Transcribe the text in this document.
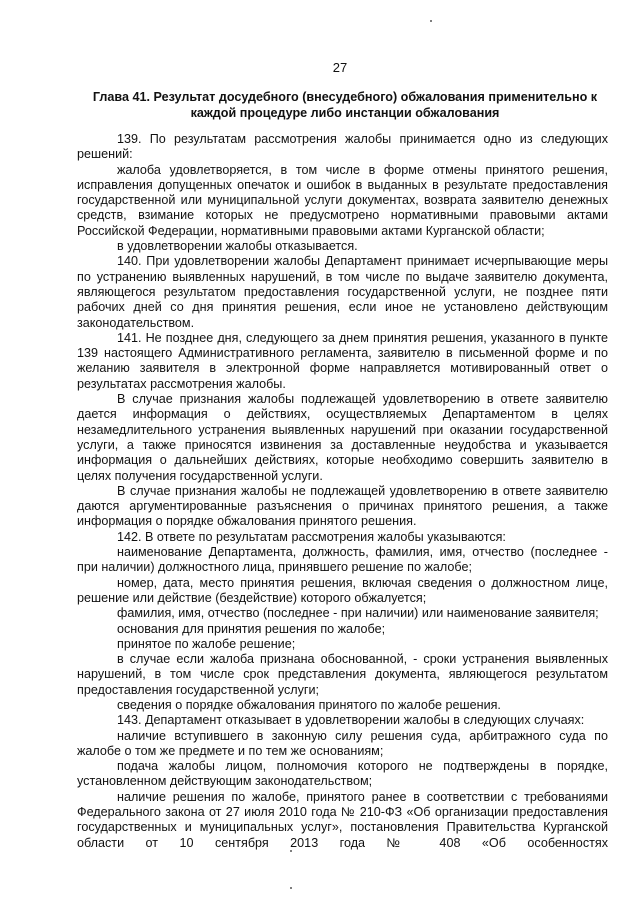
27
Глава 41. Результат досудебного (внесудебного) обжалования применительно к каждой процедуре либо инстанции обжалования

139. По результатам рассмотрения жалобы принимается одно из следующих решений:

жалоба удовлетворяется, в том числе в форме отмены принятого решения, исправления допущенных опечаток и ошибок в выданных в результате предоставления государственной или муниципальной услуги документах, возврата заявителю денежных средств, взимание которых не предусмотрено нормативными правовыми актами Российской Федерации, нормативными правовыми актами Курганской области;

в удовлетворении жалобы отказывается.

140. При удовлетворении жалобы Департамент принимает исчерпывающие меры по устранению выявленных нарушений, в том числе по выдаче заявителю документа, являющегося результатом предоставления государственной услуги, не позднее пяти рабочих дней со дня принятия решения, если иное не установлено действующим законодательством.

141. Не позднее дня, следующего за днем принятия решения, указанного в пункте 139 настоящего Административного регламента, заявителю в письменной форме и по желанию заявителя в электронной форме направляется мотивированный ответ о результатах рассмотрения жалобы.

В случае признания жалобы подлежащей удовлетворению в ответе заявителю дается информация о действиях, осуществляемых Департаментом в целях незамедлительного устранения выявленных нарушений при оказании государственной услуги, а также приносятся извинения за доставленные неудобства и указывается информация о дальнейших действиях, которые необходимо совершить заявителю в целях получения государственной услуги.

В случае признания жалобы не подлежащей удовлетворению в ответе заявителю даются аргументированные разъяснения о причинах принятого решения, а также информация о порядке обжалования принятого решения.

142. В ответе по результатам рассмотрения жалобы указываются:

наименование Департамента, должность, фамилия, имя, отчество (последнее - при наличии) должностного лица, принявшего решение по жалобе;

номер, дата, место принятия решения, включая сведения о должностном лице, решение или действие (бездействие) которого обжалуется;

фамилия, имя, отчество (последнее - при наличии) или наименование заявителя;

основания для принятия решения по жалобе;

принятое по жалобе решение;

в случае если жалоба признана обоснованной, - сроки устранения выявленных нарушений, в том числе срок представления документа, являющегося результатом предоставления государственной услуги;

сведения о порядке обжалования принятого по жалобе решения.

143. Департамент отказывает в удовлетворении жалобы в следующих случаях:

наличие вступившего в законную силу решения суда, арбитражного суда по жалобе о том же предмете и по тем же основаниям;

подача жалобы лицом, полномочия которого не подтверждены в порядке, установленном действующим законодательством;

наличие решения по жалобе, принятого ранее в соответствии с требованиями Федерального закона от 27 июля 2010 года № 210-ФЗ «Об организации предоставления государственных и муниципальных услуг», постановления Правительства Курганской области от 10 сентября 2013 года № 408 «Об особенностях
